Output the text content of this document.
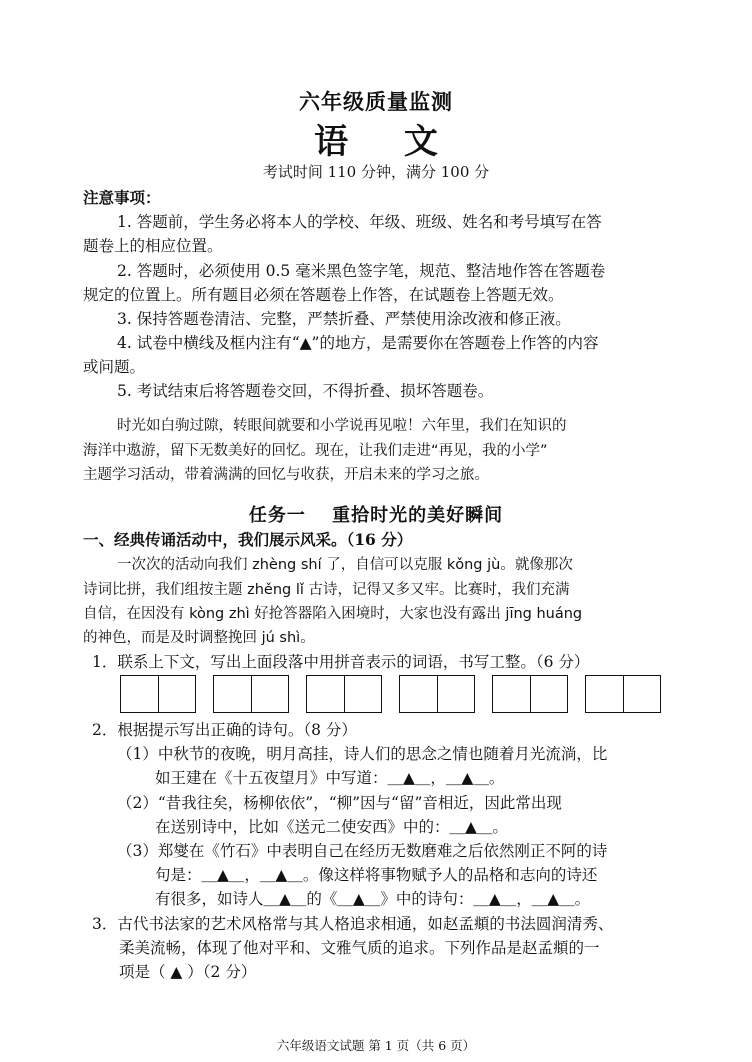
六年级质量监测
语 文
考试时间 110 分钟，满分 100 分
注意事项：
1. 答题前，学生务必将本人的学校、年级、班级、姓名和考号填写在答
题卷上的相应位置。
2. 答题时，必须使用 0.5 毫米黑色签字笔，规范、整洁地作答在答题卷
规定的位置上。所有题目必须在答题卷上作答，在试题卷上答题无效。
3. 保持答题卷清洁、完整，严禁折叠、严禁使用涂改液和修正液。
4. 试卷中横线及框内注有“▲”的地方，是需要你在答题卷上作答的内容
或问题。
5. 考试结束后将答题卷交回，不得折叠、损坏答题卷。
时光如白驹过隙，转眼间就要和小学说再见啦！六年里，我们在知识的
海洋中遨游，留下无数美好的回忆。现在，让我们走进“再见，我的小学”
主题学习活动，带着满满的回忆与收获，开启未来的学习之旅。
任务一　 重拾时光的美好瞬间
一、经典传诵活动中，我们展示风采。（16 分）
一次次的活动向我们 zhèng shí 了，自信可以克服 kǒng jù。就像那次
诗词比拼，我们组按主题 zhěng lǐ 古诗，记得又多又牢。比赛时，我们充满
自信，在因没有 kòng zhì 好抢答器陷入困境时，大家也没有露出 jīng huáng
的神色，而是及时调整挽回 jú shì。
1．联系上下文，写出上面段落中用拼音表示的词语，书写工整。（6 分）
2．根据提示写出正确的诗句。（8 分）
（1）中秋节的夜晚，明月高挂，诗人们的思念之情也随着月光流淌，比
如王建在《十五夜望月》中写道：＿▲＿，＿▲＿。
（2）“昔我往矣，杨柳依依”，“柳”因与“留”音相近，因此常出现
在送别诗中，比如《送元二使安西》中的：＿▲＿。
（3）郑燮在《竹石》中表明自己在经历无数磨难之后依然刚正不阿的诗
句是：＿▲＿，＿▲＿。像这样将事物赋予人的品格和志向的诗还
有很多，如诗人＿▲＿的《＿▲＿》中的诗句：＿▲＿，＿▲＿。
3．古代书法家的艺术风格常与其人格追求相通，如赵孟頫的书法圆润清秀、
柔美流畅，体现了他对平和、文雅气质的追求。下列作品是赵孟頫的一
项是（ ▲ ）（2 分）
六年级语文试题 第 1 页（共 6 页）
